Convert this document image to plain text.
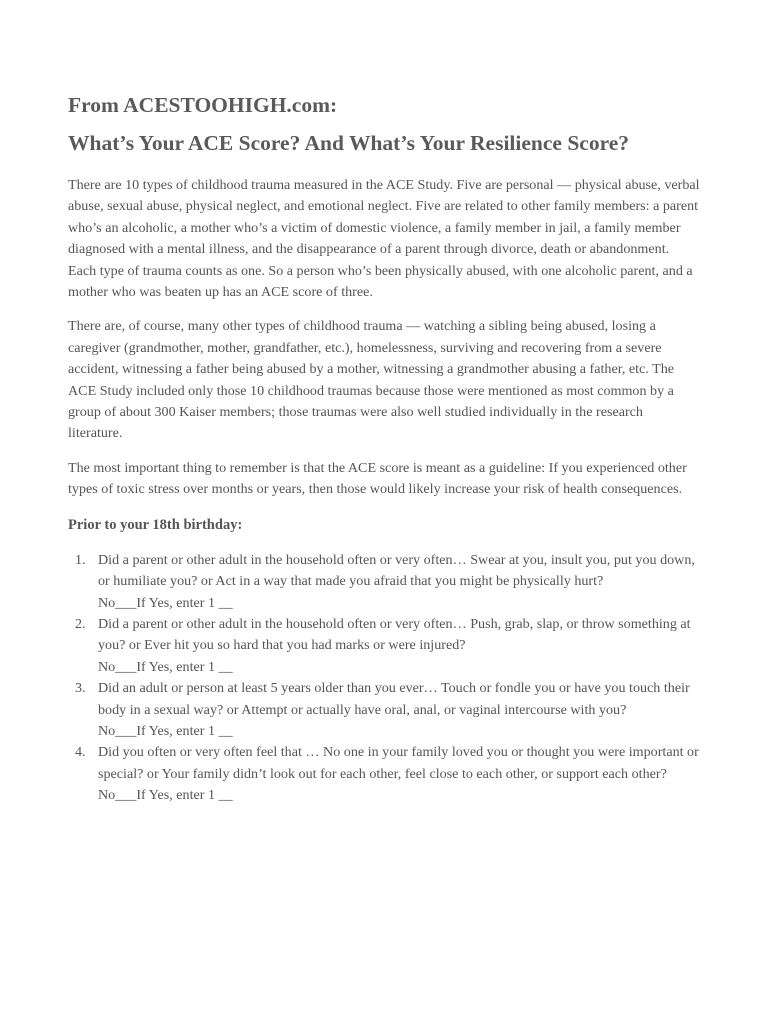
From ACESTOOHIGH.com:
What’s Your ACE Score? And What’s Your Resilience Score?

There are 10 types of childhood trauma measured in the ACE Study. Five are personal — physical abuse, verbal abuse, sexual abuse, physical neglect, and emotional neglect. Five are related to other family members: a parent who’s an alcoholic, a mother who’s a victim of domestic violence, a family member in jail, a family member diagnosed with a mental illness, and the disappearance of a parent through divorce, death or abandonment. Each type of trauma counts as one. So a person who’s been physically abused, with one alcoholic parent, and a mother who was beaten up has an ACE score of three.

There are, of course, many other types of childhood trauma — watching a sibling being abused, losing a caregiver (grandmother, mother, grandfather, etc.), homelessness, surviving and recovering from a severe accident, witnessing a father being abused by a mother, witnessing a grandmother abusing a father, etc. The ACE Study included only those 10 childhood traumas because those were mentioned as most common by a group of about 300 Kaiser members; those traumas were also well studied individually in the research literature.

The most important thing to remember is that the ACE score is meant as a guideline: If you experienced other types of toxic stress over months or years, then those would likely increase your risk of health consequences.

Prior to your 18th birthday:

1. Did a parent or other adult in the household often or very often… Swear at you, insult you, put you down, or humiliate you? or Act in a way that made you afraid that you might be physically hurt?
No___If Yes, enter 1 __
2. Did a parent or other adult in the household often or very often… Push, grab, slap, or throw something at you? or Ever hit you so hard that you had marks or were injured?
No___If Yes, enter 1 __
3. Did an adult or person at least 5 years older than you ever… Touch or fondle you or have you touch their body in a sexual way? or Attempt or actually have oral, anal, or vaginal intercourse with you?
No___If Yes, enter 1 __
4. Did you often or very often feel that … No one in your family loved you or thought you were important or special? or Your family didn’t look out for each other, feel close to each other, or support each other?
No___If Yes, enter 1 __
